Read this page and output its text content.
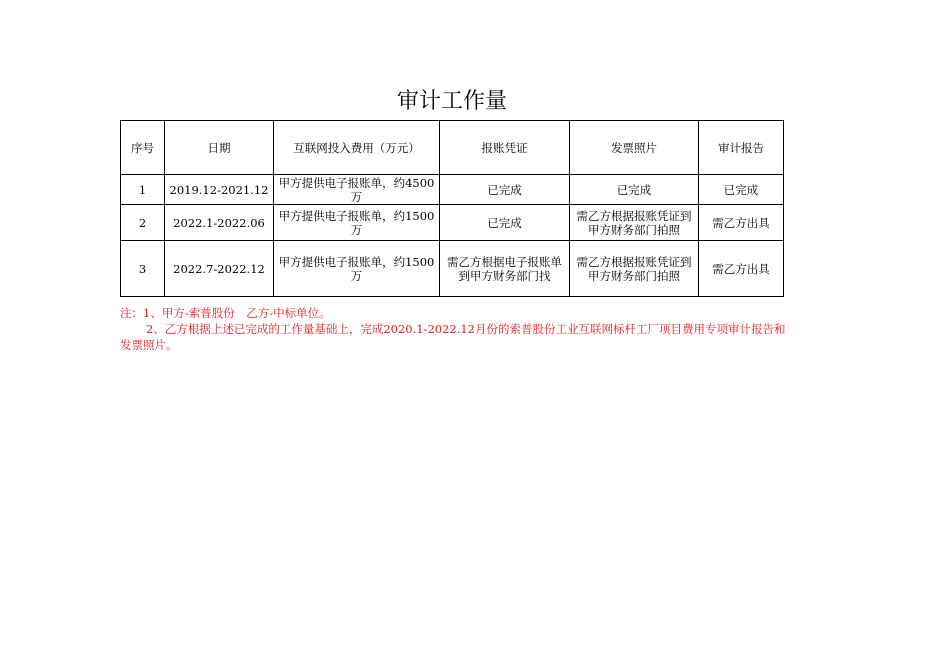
审计工作量
序号	日期	互联网投入费用（万元）	报账凭证	发票照片	审计报告
1	2019.12-2021.12	甲方提供电子报账单，约4500万	已完成	已完成	已完成
2	2022.1-2022.06	甲方提供电子报账单，约1500万	已完成	需乙方根据报账凭证到甲方财务部门拍照	需乙方出具
3	2022.7-2022.12	甲方提供电子报账单，约1500万	需乙方根据电子报账单到甲方财务部门找	需乙方根据报账凭证到甲方财务部门拍照	需乙方出具
注：1、甲方-索普股份　乙方-中标单位。
2、乙方根据上述已完成的工作量基础上，完成2020.1-2022.12月份的索普股份工业互联网标杆工厂项目费用专项审计报告和发票照片。
